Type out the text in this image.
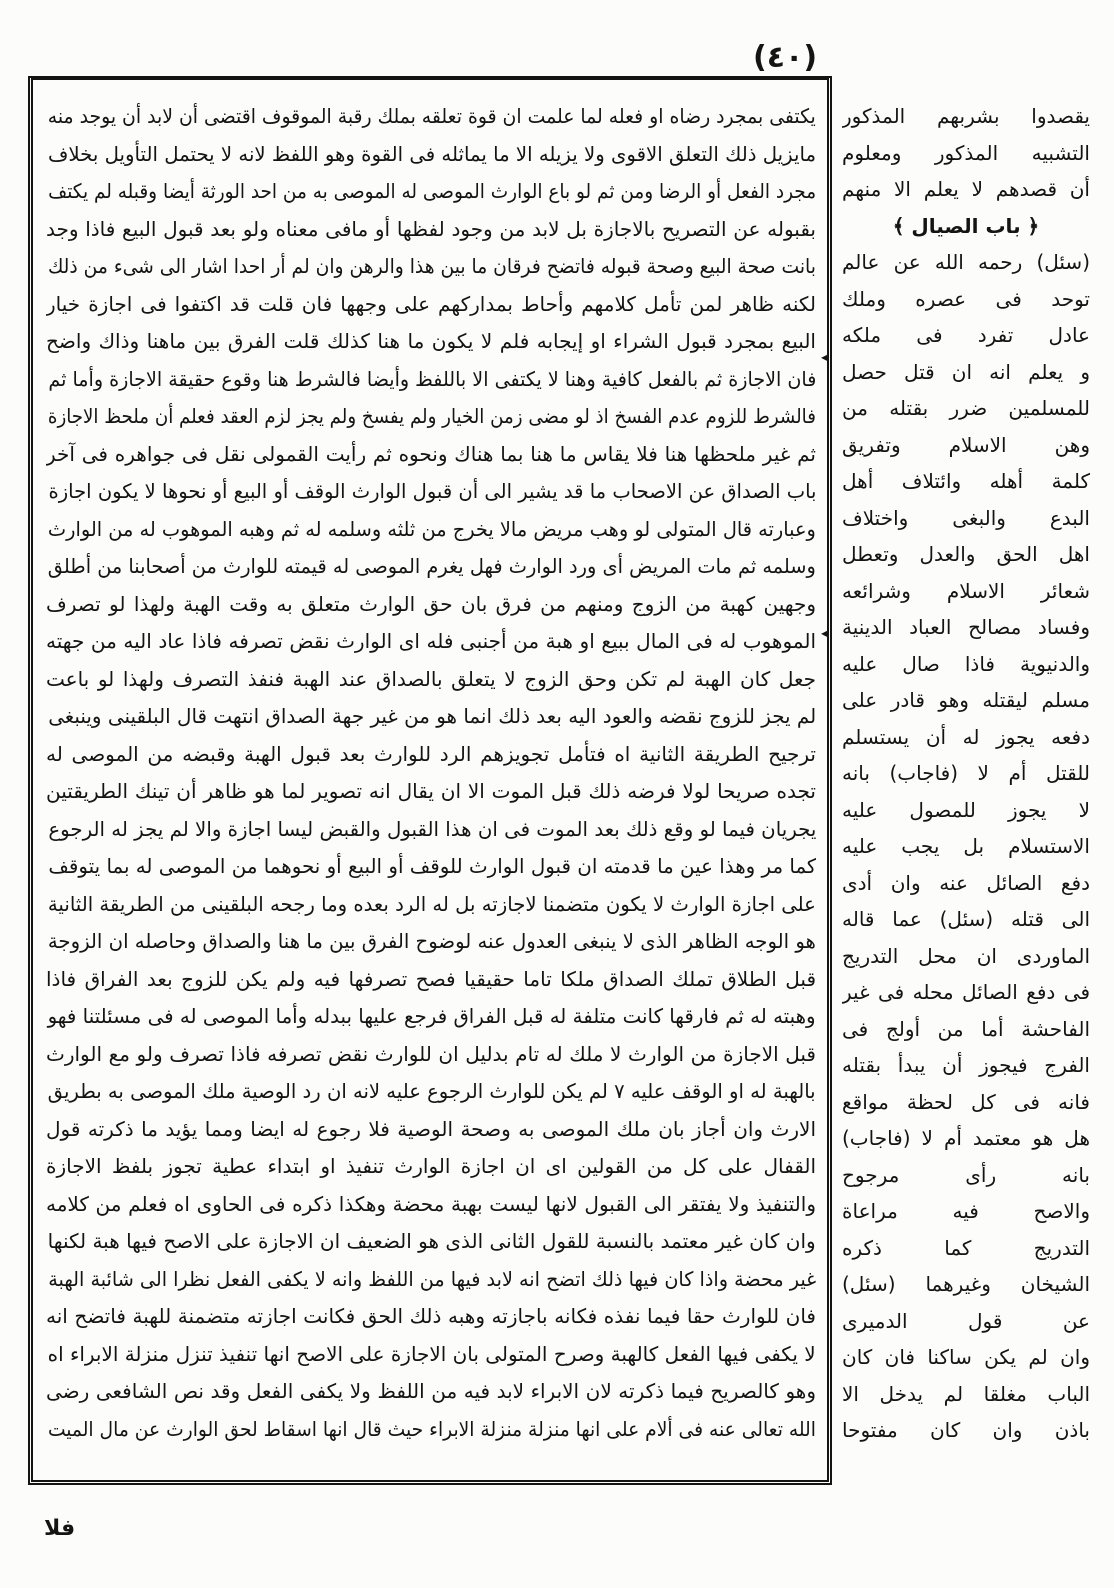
(٤٠)
◂
◂
يكتفى بمجرد رضاه او فعله لما علمت ان قوة تعلقه بملك رقبة الموقوف اقتضى أن لابد أن يوجد منه
مايزيل ذلك التعلق الاقوى ولا يزيله الا ما يماثله فى القوة وهو اللفظ لانه لا يحتمل التأويل بخلاف
مجرد الفعل أو الرضا ومن ثم لو باع الوارث الموصى له الموصى به من احد الورثة أيضا وقبله لم يكتف
بقبوله عن التصريح بالاجازة بل لابد من وجود لفظها أو مافى معناه ولو بعد قبول البيع فاذا وجد
بانت صحة البيع وصحة قبوله فاتضح فرقان ما بين هذا والرهن وان لم أر احدا اشار الى شىء من ذلك
لكنه ظاهر لمن تأمل كلامهم وأحاط بمداركهم على وجهها فان قلت قد اكتفوا فى اجازة خيار
البيع بمجرد قبول الشراء او إيجابه فلم لا يكون ما هنا كذلك قلت الفرق بين ماهنا وذاك واضح
فان الاجازة ثم بالفعل كافية وهنا لا يكتفى الا باللفظ وأيضا فالشرط هنا وقوع حقيقة الاجازة وأما ثم
فالشرط للزوم عدم الفسخ اذ لو مضى زمن الخيار ولم يفسخ ولم يجز لزم العقد فعلم أن ملحظ الاجازة
ثم غير ملحظها هنا فلا يقاس ما هنا بما هناك ونحوه ثم رأيت القمولى نقل فى جواهره فى آخر
باب الصداق عن الاصحاب ما قد يشير الى أن قبول الوارث الوقف أو البيع أو نحوها لا يكون اجازة
وعبارته قال المتولى لو وهب مريض مالا يخرج من ثلثه وسلمه له ثم وهبه الموهوب له من الوارث
وسلمه ثم مات المريض أى ورد الوارث فهل يغرم الموصى له قيمته للوارث من أصحابنا من أطلق
وجهين كهبة من الزوج ومنهم من فرق بان حق الوارث متعلق به وقت الهبة ولهذا لو تصرف
الموهوب له فى المال ببيع او هبة من أجنبى فله اى الوارث نقض تصرفه فاذا عاد اليه من جهته
جعل كان الهبة لم تكن وحق الزوج لا يتعلق بالصداق عند الهبة فنفذ التصرف ولهذا لو باعت
لم يجز للزوج نقضه والعود اليه بعد ذلك انما هو من غير جهة الصداق انتهت قال البلقينى وينبغى
ترجيح الطريقة الثانية اه فتأمل تجويزهم الرد للوارث بعد قبول الهبة وقبضه من الموصى له
تجده صريحا لولا فرضه ذلك قبل الموت الا ان يقال انه تصوير لما هو ظاهر أن تينك الطريقتين
يجريان فيما لو وقع ذلك بعد الموت فى ان هذا القبول والقبض ليسا اجازة والا لم يجز له الرجوع
كما مر وهذا عين ما قدمته ان قبول الوارث للوقف أو البيع أو نحوهما من الموصى له بما يتوقف
على اجازة الوارث لا يكون متضمنا لاجازته بل له الرد بعده وما رجحه البلقينى من الطريقة الثانية
هو الوجه الظاهر الذى لا ينبغى العدول عنه لوضوح الفرق بين ما هنا والصداق وحاصله ان الزوجة
قبل الطلاق تملك الصداق ملكا تاما حقيقيا فصح تصرفها فيه ولم يكن للزوج بعد الفراق فاذا
وهبته له ثم فارقها كانت متلفة له قبل الفراق فرجع عليها ببدله وأما الموصى له فى مسئلتنا فهو
قبل الاجازة من الوارث لا ملك له تام بدليل ان للوارث نقض تصرفه فاذا تصرف ولو مع الوارث
بالهبة له او الوقف عليه ٧ لم يكن للوارث الرجوع عليه لانه ان رد الوصية ملك الموصى به بطريق
الارث وان أجاز بان ملك الموصى به وصحة الوصية فلا رجوع له ايضا ومما يؤيد ما ذكرته قول
القفال على كل من القولين اى ان اجازة الوارث تنفيذ او ابتداء عطية تجوز بلفظ الاجازة
والتنفيذ ولا يفتقر الى القبول لانها ليست بهبة محضة وهكذا ذكره فى الحاوى اه فعلم من كلامه
وان كان غير معتمد بالنسبة للقول الثانى الذى هو الضعيف ان الاجازة على الاصح فيها هبة لكنها
غير محضة واذا كان فيها ذلك اتضح انه لابد فيها من اللفظ وانه لا يكفى الفعل نظرا الى شائبة الهبة
فان للوارث حقا فيما نفذه فكانه باجازته وهبه ذلك الحق فكانت اجازته متضمنة للهبة فاتضح انه
لا يكفى فيها الفعل كالهبة وصرح المتولى بان الاجازة على الاصح انها تنفيذ تنزل منزلة الابراء اه
وهو كالصريح فيما ذكرته لان الابراء لابد فيه من اللفظ ولا يكفى الفعل وقد نص الشافعى رضى
الله تعالى عنه فى ألام على انها منزلة منزلة الابراء حيث قال انها اسقاط لحق الوارث عن مال الميت
يقصدوا بشربهم المذكور
التشبيه المذكور ومعلوم
أن قصدهم لا يعلم الا منهم
﴿ باب الصيال ﴾
(سئل) رحمه الله عن عالم
توحد فى عصره وملك
عادل تفرد فى ملكه
و يعلم انه ان قتل حصل
للمسلمين ضرر بقتله من
وهن الاسلام وتفريق
كلمة أهله وائتلاف أهل
البدع والبغى واختلاف
اهل الحق والعدل وتعطل
شعائر الاسلام وشرائعه
وفساد مصالح العباد الدينية
والدنيوية فاذا صال عليه
مسلم ليقتله وهو قادر على
دفعه يجوز له أن يستسلم
للقتل أم لا (فاجاب) بانه
لا يجوز للمصول عليه
الاستسلام بل يجب عليه
دفع الصائل عنه وان أدى
الى قتله (سئل) عما قاله
الماوردى ان محل التدريج
فى دفع الصائل محله فى غير
الفاحشة أما من أولج فى
الفرج فيجوز أن يبدأ بقتله
فانه فى كل لحظة مواقع
هل هو معتمد أم لا (فاجاب)
بانه رأى مرجوح
والاصح فيه مراعاة
التدريج كما ذكره
الشيخان وغيرهما (سئل)
عن قول الدميرى
وان لم يكن ساكنا فان كان
الباب مغلقا لم يدخل الا
باذن وان كان مفتوحا
فلا
